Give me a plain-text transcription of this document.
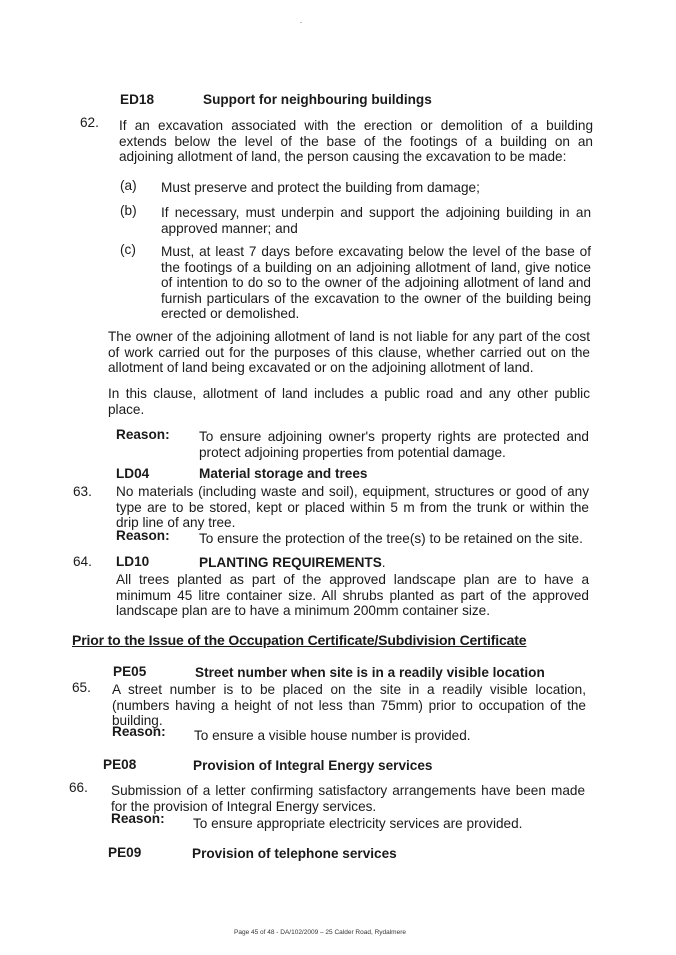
ED18	Support for neighbouring buildings
62. If an excavation associated with the erection or demolition of a building extends below the level of the base of the footings of a building on an adjoining allotment of land, the person causing the excavation to be made:
(a) Must preserve and protect the building from damage;
(b) If necessary, must underpin and support the adjoining building in an approved manner; and
(c) Must, at least 7 days before excavating below the level of the base of the footings of a building on an adjoining allotment of land, give notice of intention to do so to the owner of the adjoining allotment of land and furnish particulars of the excavation to the owner of the building being erected or demolished.
The owner of the adjoining allotment of land is not liable for any part of the cost of work carried out for the purposes of this clause, whether carried out on the allotment of land being excavated or on the adjoining allotment of land.
In this clause, allotment of land includes a public road and any other public place.
Reason: To ensure adjoining owner's property rights are protected and protect adjoining properties from potential damage.
LD04	Material storage and trees
63. No materials (including waste and soil), equipment, structures or good of any type are to be stored, kept or placed within 5 m from the trunk or within the drip line of any tree.
Reason: To ensure the protection of the tree(s) to be retained on the site.
64. LD10	PLANTING REQUIREMENTS.
All trees planted as part of the approved landscape plan are to have a minimum 45 litre container size. All shrubs planted as part of the approved landscape plan are to have a minimum 200mm container size.
Prior to the Issue of the Occupation Certificate/Subdivision Certificate
PE05	Street number when site is in a readily visible location
65. A street number is to be placed on the site in a readily visible location, (numbers having a height of not less than 75mm) prior to occupation of the building.
Reason: To ensure a visible house number is provided.
PE08	Provision of Integral Energy services
66. Submission of a letter confirming satisfactory arrangements have been made for the provision of Integral Energy services.
Reason: To ensure appropriate electricity services are provided.
PE09	Provision of telephone services
Page 45 of 48 - DA/102/2009 – 25 Calder Road, Rydalmere
